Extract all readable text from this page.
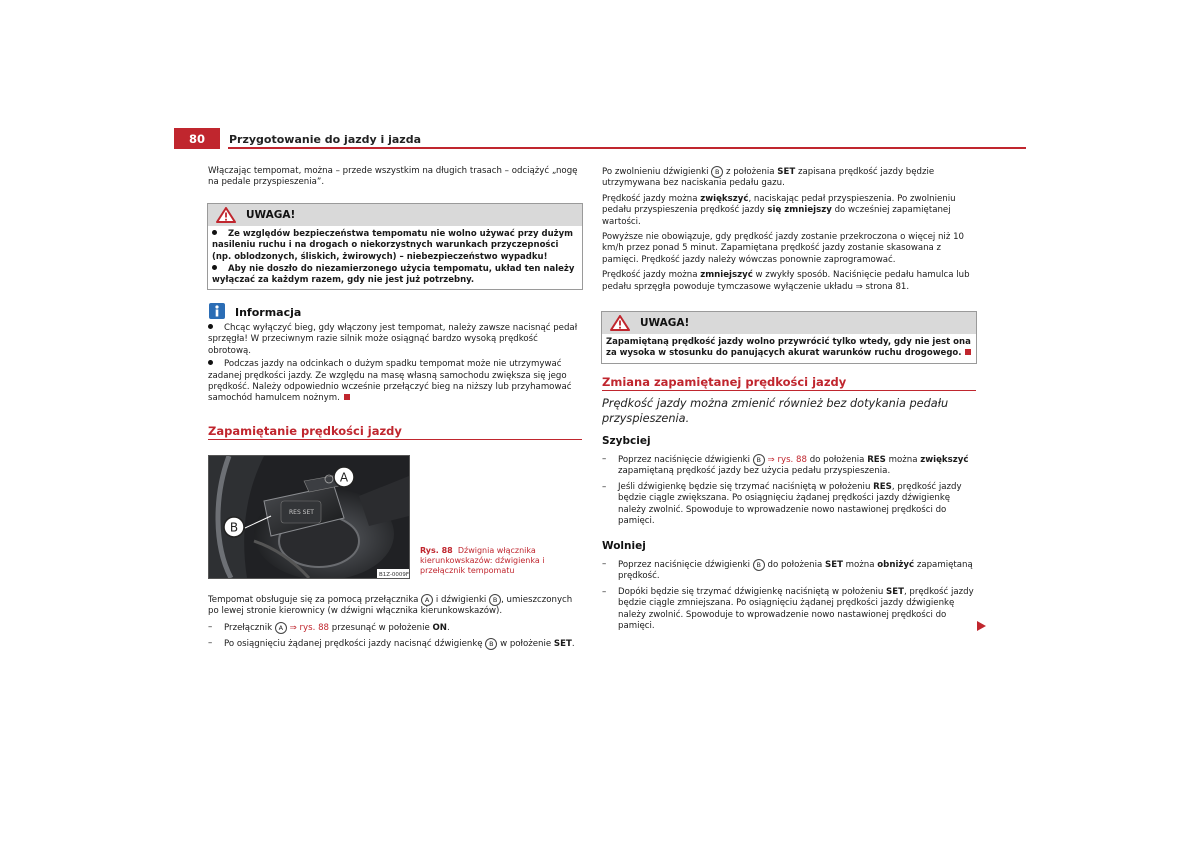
80	Przygotowanie do jazdy i jazda

Włączając tempomat, można – przede wszystkim na długich trasach – odciążyć „nogę na pedale przyspieszenia”.

UWAGA!

Ze względów bezpieczeństwa tempomatu nie wolno używać przy dużym nasileniu ruchu i na drogach o niekorzystnych warunkach przyczepności (np. oblodzonych, śliskich, żwirowych) – niebezpieczeństwo wypadku!

Aby nie doszło do niezamierzonego użycia tempomatu, układ ten należy wyłączać za każdym razem, gdy nie jest już potrzebny.

Informacja

Chcąc wyłączyć bieg, gdy włączony jest tempomat, należy zawsze nacisnąć pedał sprzęgła! W przeciwnym razie silnik może osiągnąć bardzo wysoką prędkość obrotową.

Podczas jazdy na odcinkach o dużym spadku tempomat może nie utrzymywać zadanej prędkości jazdy. Ze względu na masę własną samochodu zwiększa się jego prędkość. Należy odpowiednio wcześnie przełączyć bieg na niższy lub przyhamować samochód hamulcem nożnym.

Zapamiętanie prędkości jazdy
RES SET
A
B
B1Z-0009F
Rys. 88 Dźwignia włącznika kierunkowskazów: dźwigienka i przełącznik tempomatu

Tempomat obsługuje się za pomocą przełącznika A i dźwigienki B , umieszczonych po lewej stronie kierownicy (w dźwigni włącznika kierunkowskazów).

– Przełącznik A ⇒ rys. 88 przesunąć w położenie ON.

– Po osiągnięciu żądanej prędkości jazdy nacisnąć dźwigienkę B w położenie SET.

Po zwolnieniu dźwigienki B z położenia SET zapisana prędkość jazdy będzie utrzymywana bez naciskania pedału gazu.

Prędkość jazdy można zwiększyć, naciskając pedał przyspieszenia. Po zwolnieniu pedału przyspieszenia prędkość jazdy się zmniejszy do wcześniej zapamiętanej wartości.

Powyższe nie obowiązuje, gdy prędkość jazdy zostanie przekroczona o więcej niż 10 km/h przez ponad 5 minut. Zapamiętana prędkość jazdy zostanie skasowana z pamięci. Prędkość jazdy należy wówczas ponownie zaprogramować.

Prędkość jazdy można zmniejszyć w zwykły sposób. Naciśnięcie pedału hamulca lub pedału sprzęgła powoduje tymczasowe wyłączenie układu ⇒ strona 81.

UWAGA!

Zapamiętaną prędkość jazdy wolno przywrócić tylko wtedy, gdy nie jest ona za wysoka w stosunku do panujących akurat warunków ruchu drogowego.

Zmiana zapamiętanej prędkości jazdy

Prędkość jazdy można zmienić również bez dotykania pedału przyspieszenia.

Szybciej

– Poprzez naciśnięcie dźwigienki B ⇒ rys. 88 do położenia RES można zwiększyć zapamiętaną prędkość jazdy bez użycia pedału przyspieszenia.

– Jeśli dźwigienkę będzie się trzymać naciśniętą w położeniu RES, prędkość jazdy będzie ciągle zwiększana. Po osiągnięciu żądanej prędkości jazdy dźwigienkę należy zwolnić. Spowoduje to wprowadzenie nowo nastawionej prędkości do pamięci.

Wolniej

– Poprzez naciśnięcie dźwigienki B do położenia SET można obniżyć zapamiętaną prędkość.

– Dopóki będzie się trzymać dźwigienkę naciśniętą w położeniu SET, prędkość jazdy będzie ciągle zmniejszana. Po osiągnięciu żądanej prędkości jazdy dźwigienkę należy zwolnić. Spowoduje to wprowadzenie nowo nastawionej prędkości do pamięci.
